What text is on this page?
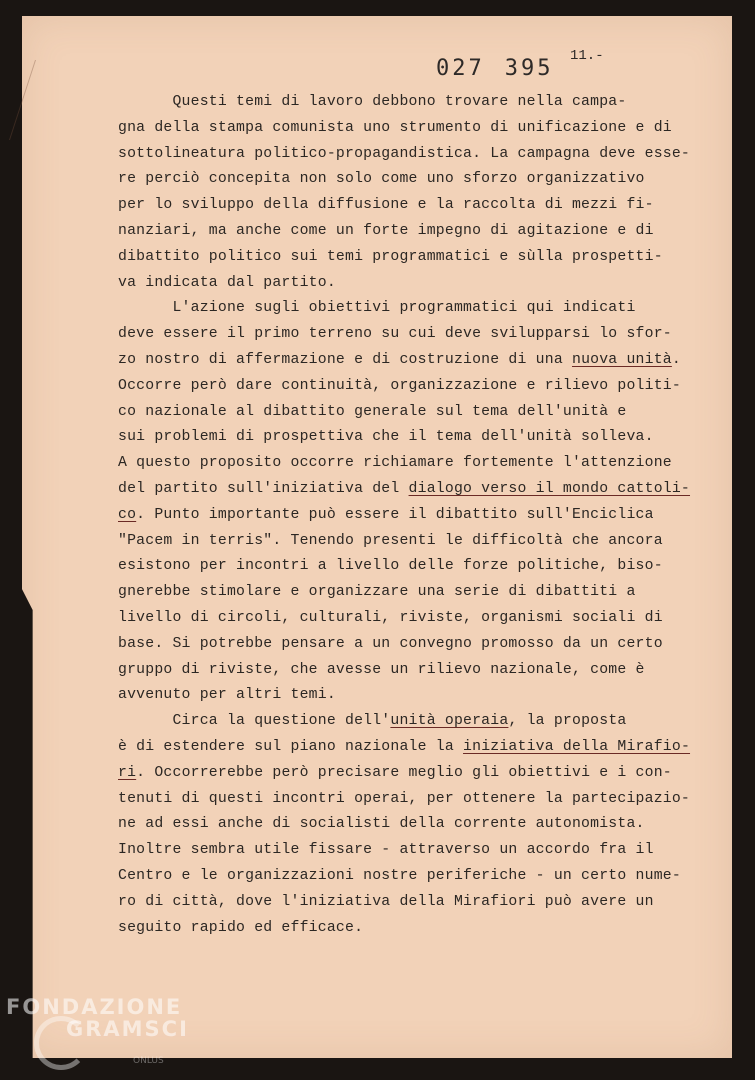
027 395	11.-
Questi temi di lavoro debbono trovare nella campa-
gna della stampa comunista uno strumento di unificazione e di
sottolineatura politico-propagandistica. La campagna deve esse-
re perciò concepita non solo come uno sforzo organizzativo
per lo sviluppo della diffusione e la raccolta di mezzi fi-
nanziari, ma anche come un forte impegno di agitazione e di
dibattito politico sui temi programmatici e sùlla prospetti-
va indicata dal partito.
L'azione sugli obiettivi programmatici qui indicati
deve essere il primo terreno su cui deve svilupparsi lo sfor-
zo nostro di affermazione e di costruzione di una nuova unità.
Occorre però dare continuità, organizzazione e rilievo politi-
co nazionale al dibattito generale sul tema dell'unità e
sui problemi di prospettiva che il tema dell'unità solleva.
A questo proposito occorre richiamare fortemente l'attenzione
del partito sull'iniziativa del dialogo verso il mondo cattoli-
co. Punto importante può essere il dibattito sull'Enciclica
"Pacem in terris". Tenendo presenti le difficoltà che ancora
esistono per incontri a livello delle forze politiche, biso-
gnerebbe stimolare e organizzare una serie di dibattiti a
livello di circoli, culturali, riviste, organismi sociali di
base. Si potrebbe pensare a un convegno promosso da un certo
gruppo di riviste, che avesse un rilievo nazionale, come è
avvenuto per altri temi.
Circa la questione dell'unità operaia, la proposta
è di estendere sul piano nazionale la iniziativa della Mirafio-
ri. Occorrerebbe però precisare meglio gli obiettivi e i con-
tenuti di questi incontri operai, per ottenere la partecipazio-
ne ad essi anche di socialisti della corrente autonomista.
Inoltre sembra utile fissare - attraverso un accordo fra il
Centro e le organizzazioni nostre periferiche - un certo nume-
ro di città, dove l'iniziativa della Mirafiori può avere un
seguito rapido ed efficace.
FONDAZIONE
GRAMSCI
ONLUS
